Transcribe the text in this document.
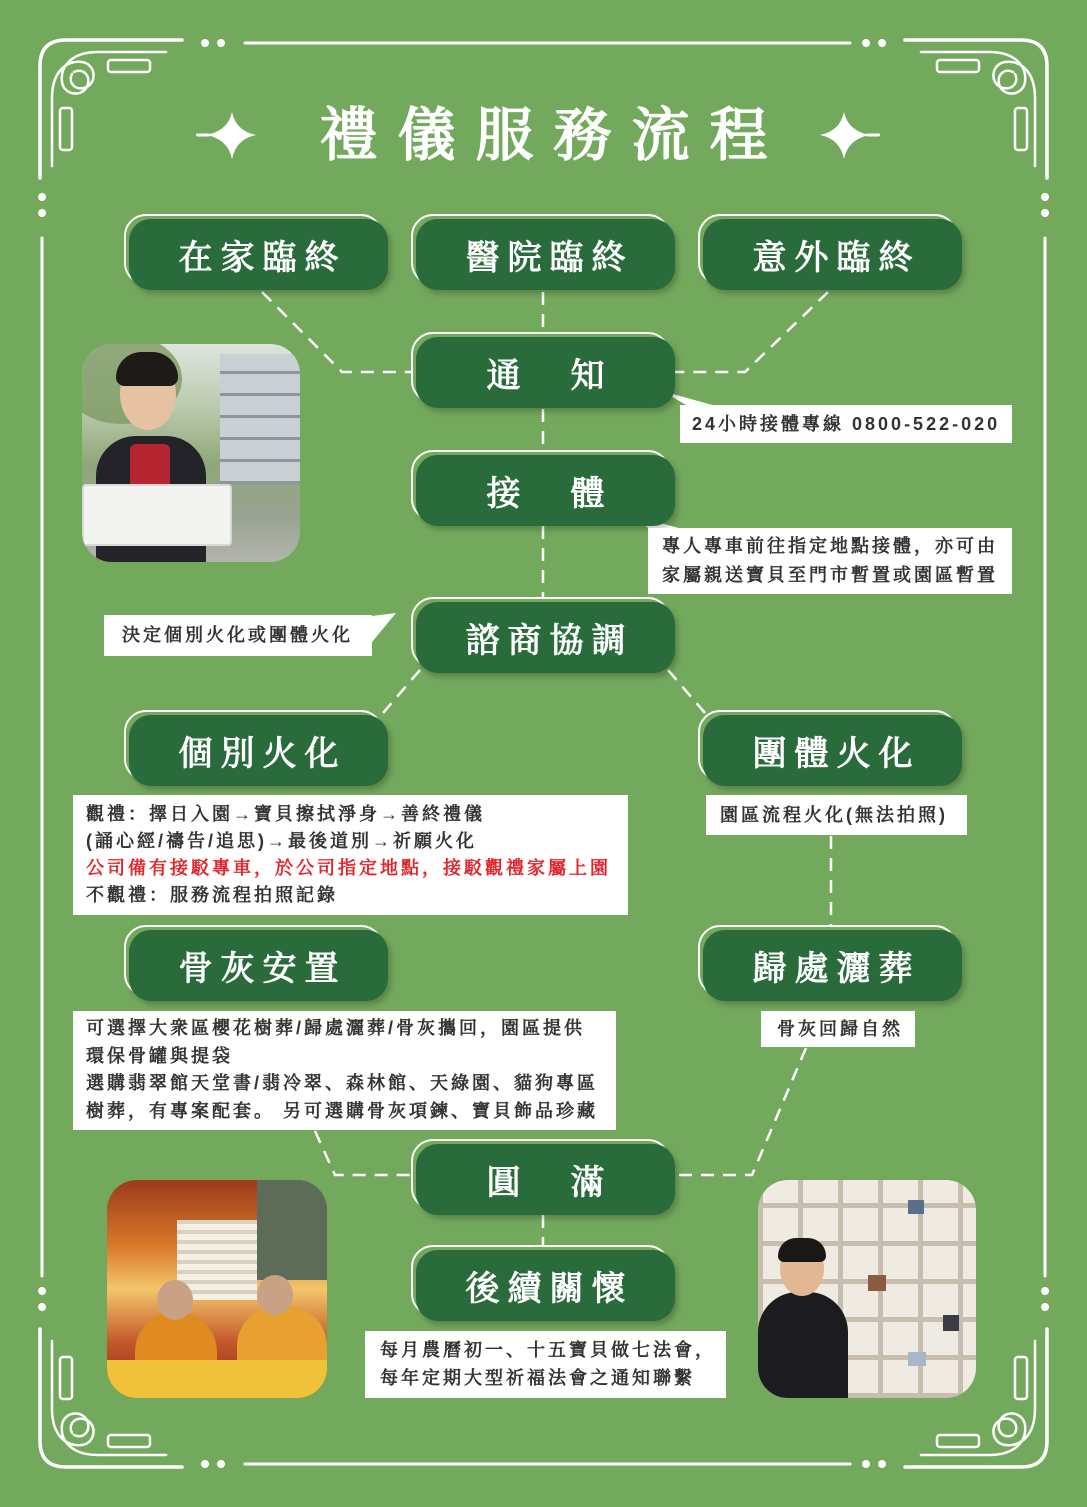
禮儀服務流程
在家臨終	醫院臨終	意外臨終
通　知
接　體
諮商協調
個別火化	團體火化
骨灰安置	歸處灑葬
圓　滿
後續關懷
24小時接體專線 0800-522-020
專人專車前往指定地點接體，亦可由
家屬親送寶貝至門市暫置或園區暫置
決定個別火化或團體火化
觀禮：擇日入園→寶貝擦拭淨身→善終禮儀
(誦心經/禱告/追思)→最後道別→祈願火化
公司備有接駁專車，於公司指定地點，接駁觀禮家屬上園
不觀禮：服務流程拍照記錄
園區流程火化(無法拍照)
可選擇大衆區櫻花樹葬/歸處灑葬/骨灰攜回，園區提供
環保骨罐與提袋
選購翡翠館天堂書/翡冷翠、森林館、天綠園、貓狗專區
樹葬，有專案配套。 另可選購骨灰項鍊、寶貝飾品珍藏
骨灰回歸自然
每月農曆初一、十五寶貝做七法會，
每年定期大型祈福法會之通知聯繫
